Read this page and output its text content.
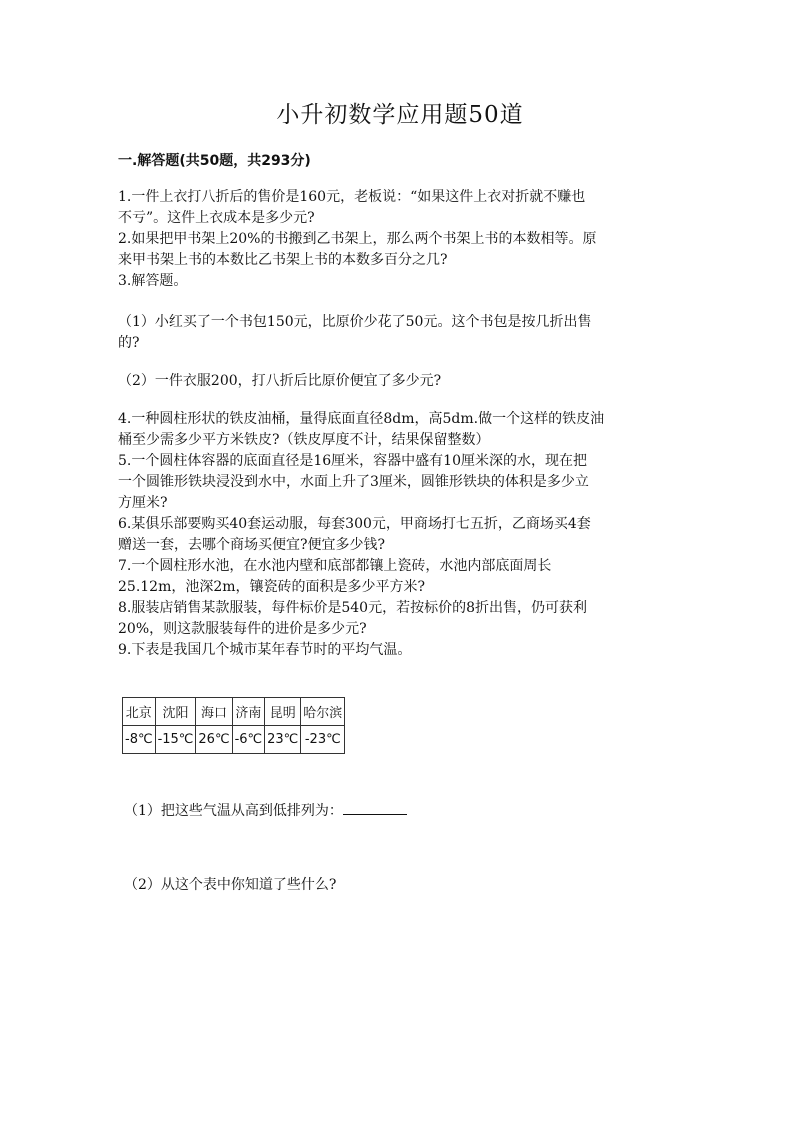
小升初数学应用题50道
一.解答题(共50题，共293分)
1.一件上衣打八折后的售价是160元，老板说：“如果这件上衣对折就不赚也
不亏”。这件上衣成本是多少元?
2.如果把甲书架上20%的书搬到乙书架上，那么两个书架上书的本数相等。原
来甲书架上书的本数比乙书架上书的本数多百分之几?
3.解答题。
（1）小红买了一个书包150元，比原价少花了50元。这个书包是按几折出售
的?
（2）一件衣服200，打八折后比原价便宜了多少元?
4.一种圆柱形状的铁皮油桶，量得底面直径8dm，高5dm.做一个这样的铁皮油
桶至少需多少平方米铁皮?（铁皮厚度不计，结果保留整数）
5.一个圆柱体容器的底面直径是16厘米，容器中盛有10厘米深的水，现在把
一个圆锥形铁块浸没到水中，水面上升了3厘米，圆锥形铁块的体积是多少立
方厘米?
6.某俱乐部要购买40套运动服，每套300元，甲商场打七五折，乙商场买4套
赠送一套，去哪个商场买便宜?便宜多少钱?
7.一个圆柱形水池，在水池内壁和底部都镶上瓷砖，水池内部底面周长
25.12m，池深2m，镶瓷砖的面积是多少平方米?
8.服装店销售某款服装，每件标价是540元，若按标价的8折出售，仍可获利
20%，则这款服装每件的进价是多少元?
9.下表是我国几个城市某年春节时的平均气温。
北京	沈阳	海口	济南	昆明	哈尔滨
-8℃	-15℃	26℃	-6℃	23℃	-23℃
（1）把这些气温从高到低排列为：
（2）从这个表中你知道了些什么?
